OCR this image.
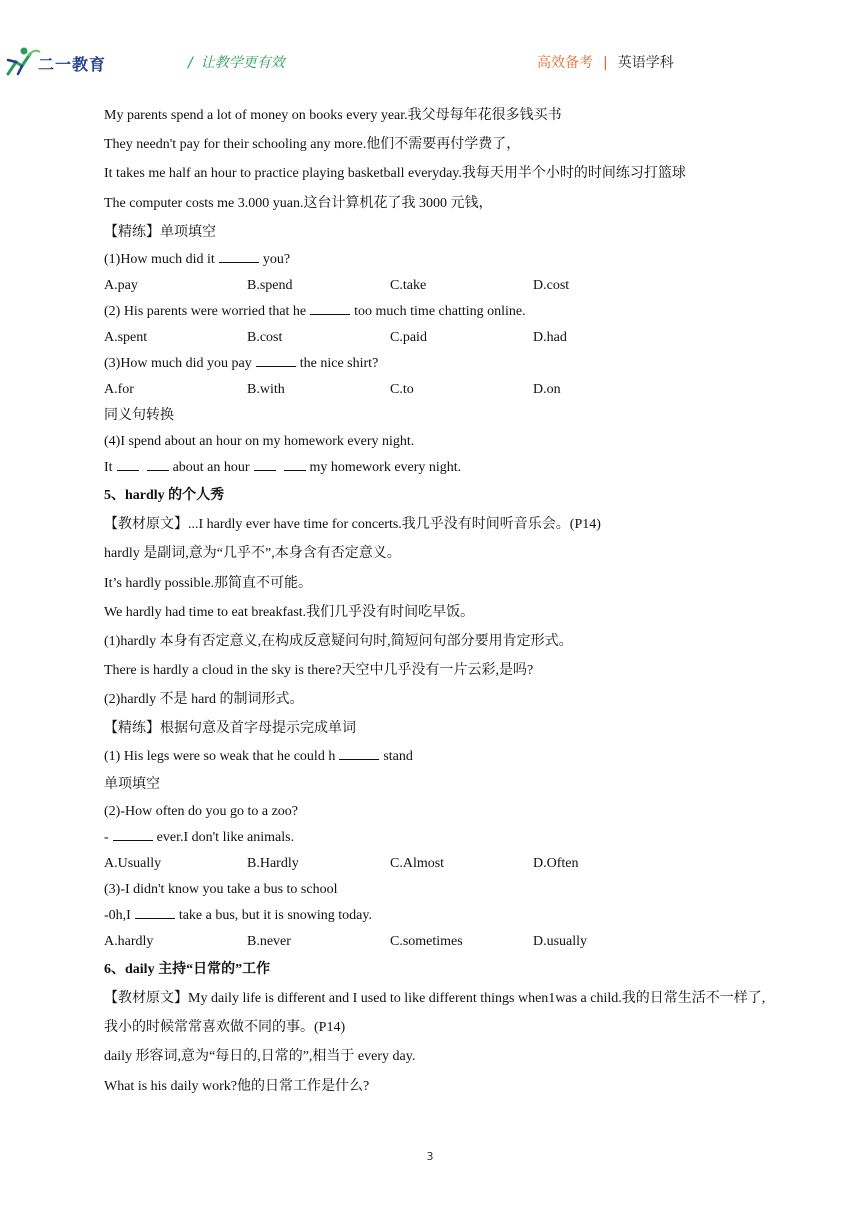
二一教育	/ 让教学更有效	高效备考 | 英语学科
My parents spend a lot of money on books every year.我父母每年花很多钱买书
They needn't pay for their schooling any more.他们不需要再付学费了，
It takes me half an hour to practice playing basketball everyday.我每天用半个小时的时间练习打篮球
The computer costs me 3.000 yuan.这台计算机花了我 3000 元钱，
【精练】单项填空
(1)How much did it	you?
A.pay	B.spend	C.take	D.cost
(2) His parents were worried that he	too much time chatting online.
A.spent	B.cost	C.paid	D.had
(3)How much did you pay	the nice shirt?
A.for	B.with	C.to	D.on
同义句转换
(4)I spend about an hour on my homework every night.
It	about an hour	my homework every night.
5、hardly 的个人秀
【教材原文】...I hardly ever have time for concerts.我几乎没有时间听音乐会。(P14)
hardly 是副词,意为“几乎不”,本身含有否定意义。
It’s hardly possible.那简直不可能。
We hardly had time to eat breakfast.我们几乎没有时间吃早饭。
(1)hardly 本身有否定意义,在构成反意疑问句时,简短问句部分要用肯定形式。
There is hardly a cloud in the sky is there?天空中几乎没有一片云彩,是吗?
(2)hardly 不是 hard 的制词形式。
【精练】根据句意及首字母提示完成单词
(1) His legs were so weak that he could h	stand
单项填空
(2)-How often do you go to a zoo?
-	ever.I don't like animals.
A.Usually	B.Hardly	C.Almost	D.Often
(3)-I didn't know you take a bus to school
-0h,I	take a bus, but it is snowing today.
A.hardly	B.never	C.sometimes	D.usually
6、daily 主持“日常的”工作
【教材原文】My daily life is different and I used to like different things when1was a child.我的日常生活不一样了,我小的时候常常喜欢做不同的事。(P14)
daily 形容词,意为“每日的,日常的”,相当于 every day.
What is his daily work?他的日常工作是什么?
3
